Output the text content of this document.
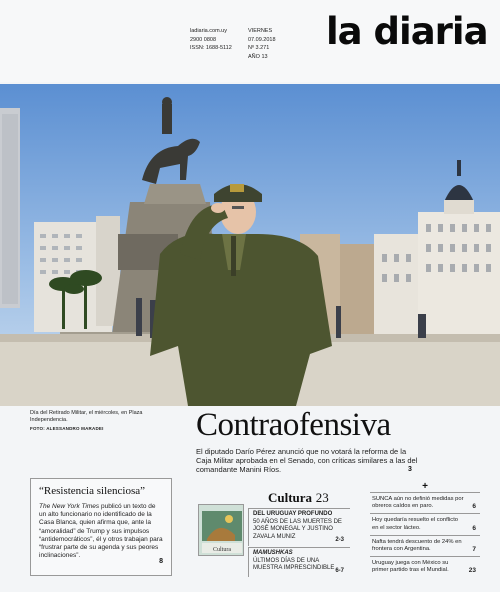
ladiaria.com.uy
2900 0808
ISSN: 1688-5112
VIERNES
07.09.2018
Nº 3.271
AÑO 13
la diaria
Día del Retirado Militar, el miércoles, en Plaza Independencia.
FOTO: ALESSANDRO MARADEI	Contraofensiva
El diputado Darío Pérez anunció que no votará la reforma de la Caja Militar aprobada en el Senado, con críticas similares a las del comandante Manini Ríos.	3
“Resistencia silenciosa”
The New York Times publicó un texto de un alto funcionario no identificado de la Casa Blanca, quien afirma que, ante la “amoralidad” de Trump y sus impulsos “antidemocráticos”, él y otros trabajan para “frustrar parte de su agenda y sus peores inclinaciones”.
8
Cultura 23
Cultura
DEL URUGUAY PROFUNDO
50 AÑOS DE LAS MUERTES DE JOSÉ MONEGAL Y JUSTINO ZAVALA MUNIZ	2-3
MAMUSHKAS
ÚLTIMOS DÍAS DE UNA MUESTRA IMPRESCINDIBLE 6-7
+
SUNCA aún no definió medidas por obreros caídos en paro.	6
Hoy quedaría resuelto el conflicto en el sector lácteo.	6
Nafta tendrá descuento de 24% en frontera con Argentina.	7
Uruguay juega con México su primer partido tras el Mundial.	23
